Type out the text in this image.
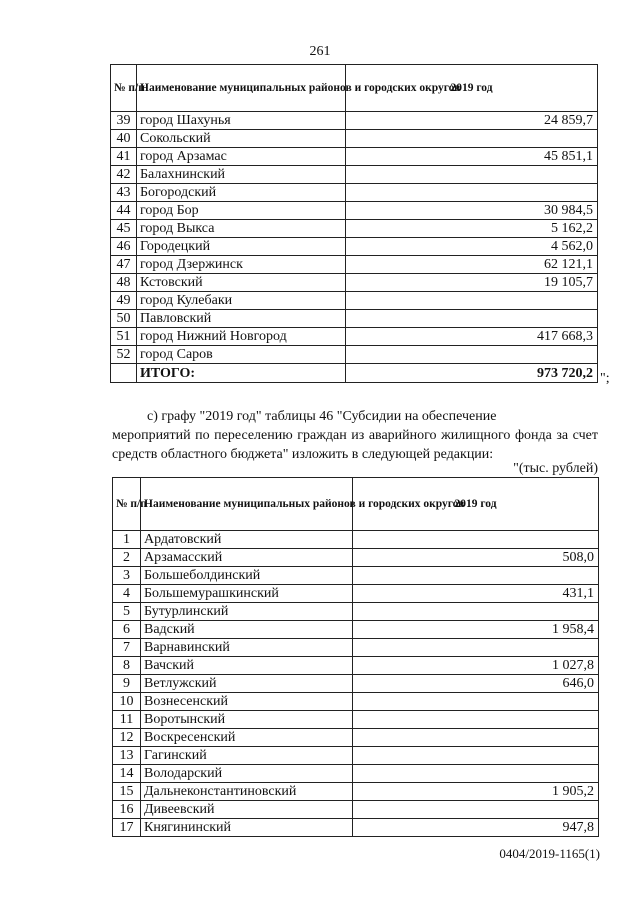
261
№ п/п	Наименование муниципальных районов и городских округов	2019 год
39	город Шахунья	24 859,7
40	Сокольский	
41	город Арзамас	45 851,1
42	Балахнинский	
43	Богородский	
44	город Бор	30 984,5
45	город Выкса	5 162,2
46	Городецкий	4 562,0
47	город Дзержинск	62 121,1
48	Кстовский	19 105,7
49	город Кулебаки	
50	Павловский	
51	город Нижний Новгород	417 668,3
52	город Саров	
	ИТОГО:	973 720,2 ";
с) графу "2019 год" таблицы 46 "Субсидии на обеспечение
мероприятий по переселению граждан из аварийного жилищного фонда за счет средств областного бюджета" изложить в следующей редакции:
"(тыс. рублей)
№ п/п	Наименование муниципальных районов и городских округов	2019 год
1	Ардатовский	
2	Арзамасский	508,0
3	Большеболдинский	
4	Большемурашкинский	431,1
5	Бутурлинский	
6	Вадский	1 958,4
7	Варнавинский	
8	Вачский	1 027,8
9	Ветлужский	646,0
10	Вознесенский	
11	Воротынский	
12	Воскресенский	
13	Гагинский	
14	Володарский	
15	Дальнеконстантиновский	1 905,2
16	Дивеевский	
17	Княгининский	947,8
0404/2019-1165(1)
